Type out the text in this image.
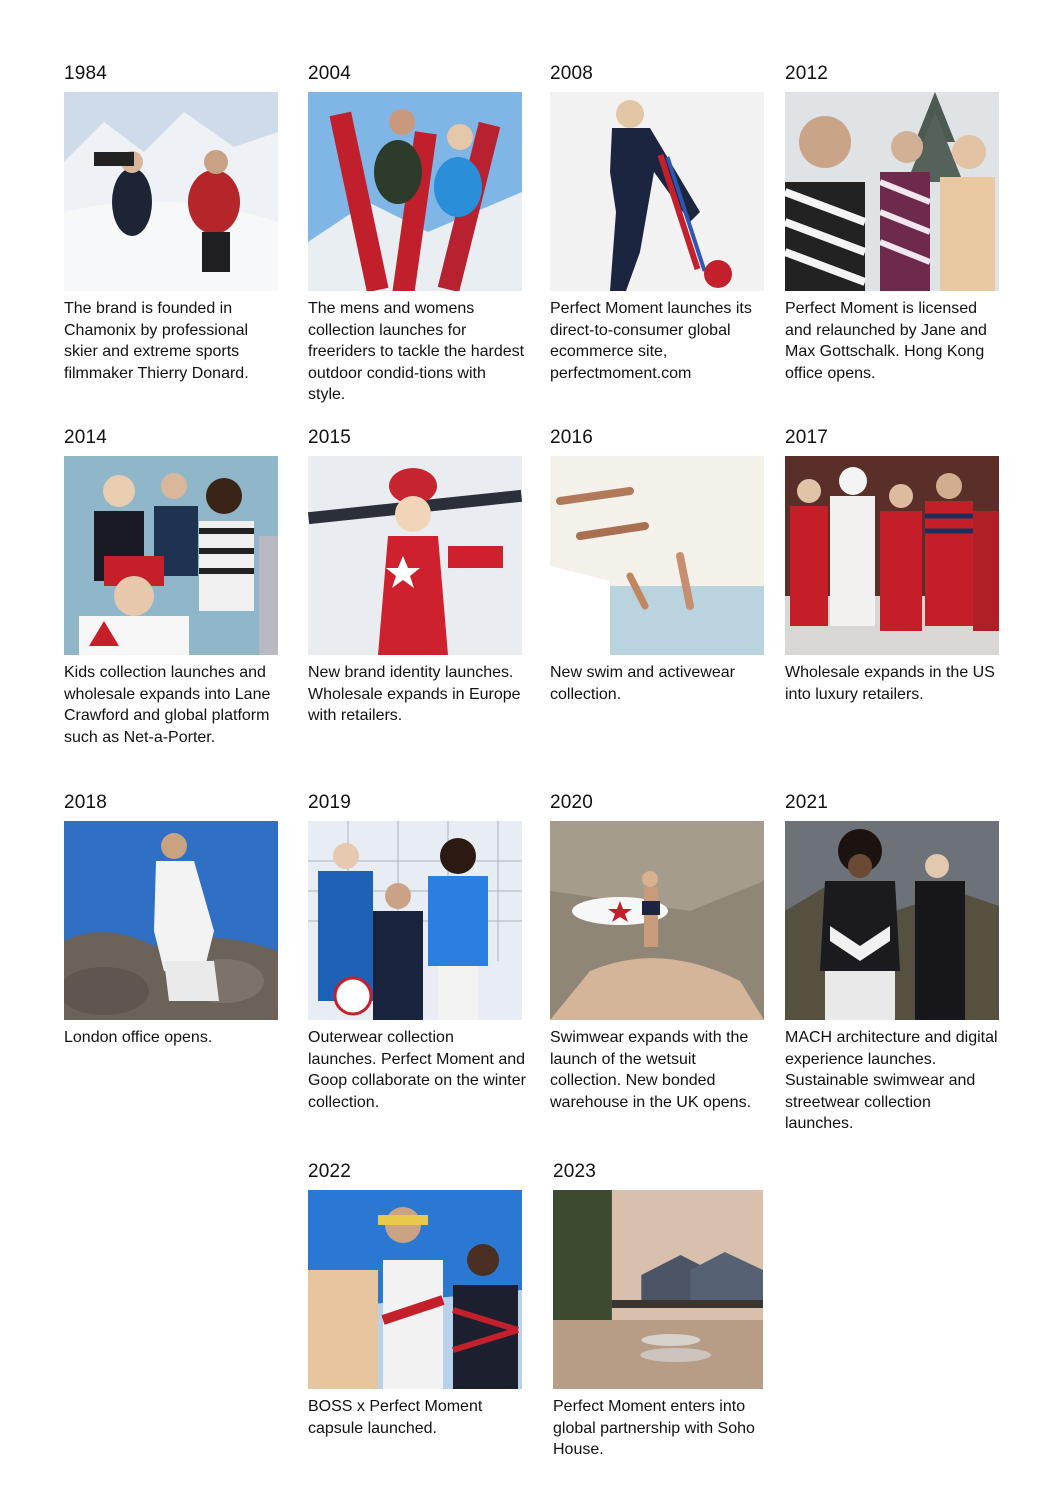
1984

The brand is founded in Chamonix by professional skier and extreme sports filmmaker Thierry Donard.

2004

The mens and womens collection launches for freeriders to tackle the hardest outdoor condid-tions with style.

2008

Perfect Moment launches its direct-to-consumer global ecommerce site, perfectmoment.com

2012

Perfect Moment is licensed and relaunched by Jane and Max Gottschalk. Hong Kong office opens.

2014

Kids collection launches and wholesale expands into Lane Crawford and global platform such as Net-a-Porter.

2015

New brand identity launches. Wholesale expands in Europe with retailers.

2016

New swim and activewear collection.

2017

Wholesale expands in the US into luxury retailers.

2018

London office opens.

2019

Outerwear collection launches. Perfect Moment and Goop collaborate on the winter collection.

2020

Swimwear expands with the launch of the wetsuit collection. New bonded warehouse in the UK opens.

2021

MACH architecture and digital experience launches. Sustainable swimwear and streetwear collection launches.

2022

BOSS x Perfect Moment capsule launched.

2023

Perfect Moment enters into global partnership with Soho House.
